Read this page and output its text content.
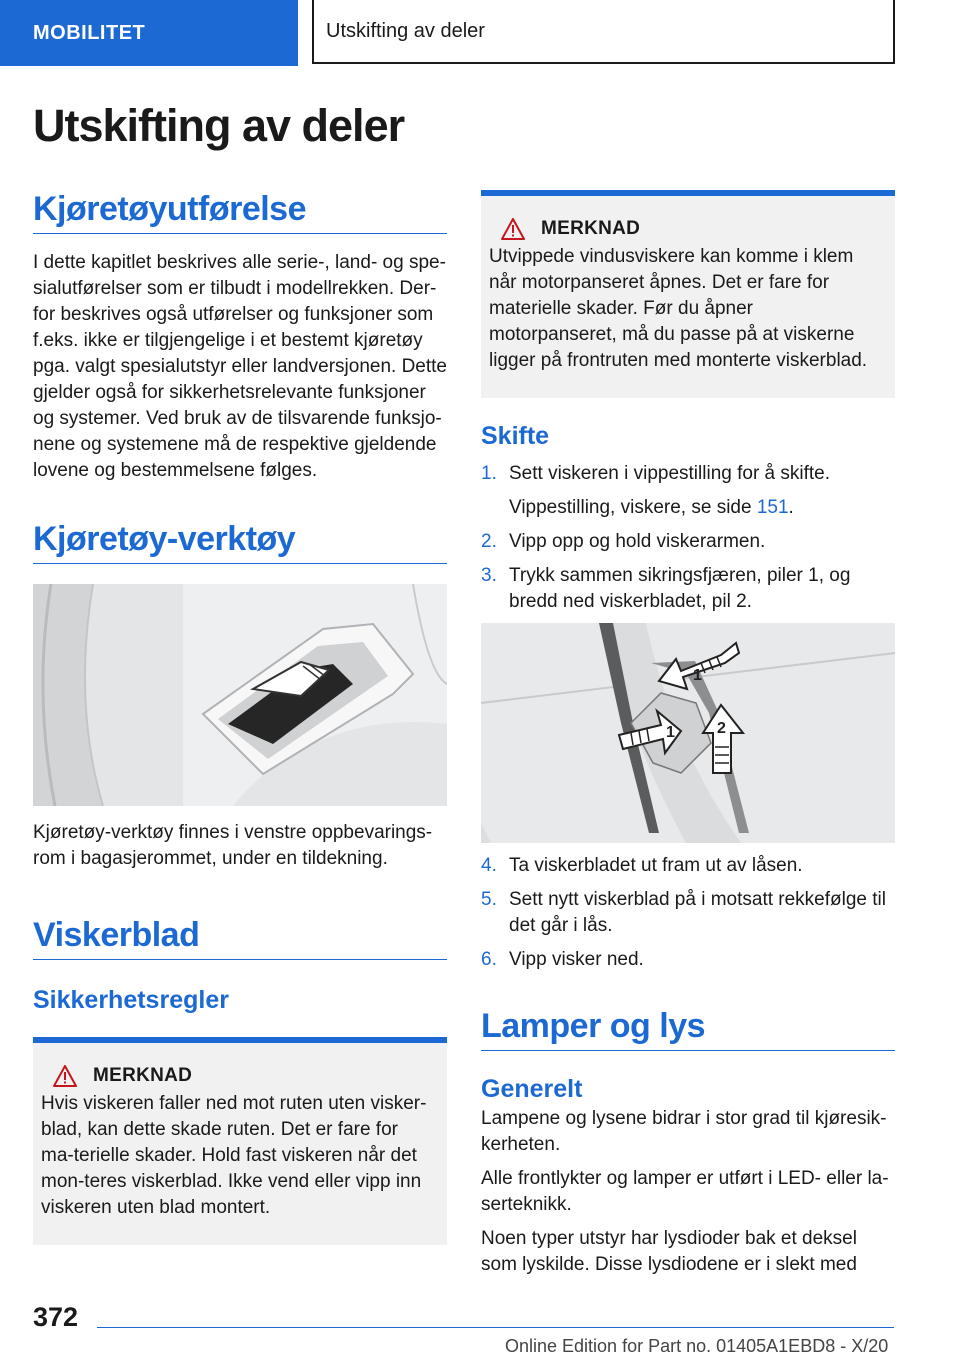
MOBILITET	Utskifting av deler
Utskifting av deler
Kjøretøyutførelse

I dette kapitlet beskrives alle serie-, land- og spe-sialutførelser som er tilbudt i modellrekken. Der-for beskrives også utførelser og funksjoner som f.eks. ikke er tilgjengelige i et bestemt kjøretøy pga. valgt spesialutstyr eller landversjonen. Dette gjelder også for sikkerhetsrelevante funksjoner og systemer. Ved bruk av de tilsvarende funksjo-nene og systemene må de respektive gjeldende lovene og bestemmelsene følges.

Kjøretøy-verktøy

Kjøretøy-verktøy finnes i venstre oppbevarings-rom i bagasjerommet, under en tildekning.

Viskerblad
Sikkerhetsregler
MERKNAD

Hvis viskeren faller ned mot ruten uten visker-blad, kan dette skade ruten. Det er fare for ma-terielle skader. Hold fast viskeren når det mon-teres viskerblad. Ikke vend eller vipp inn viskeren uten blad montert.

MERKNAD

Utvippede vindusviskere kan komme i klem når motorpanseret åpnes. Det er fare for materielle skader. Før du åpner motorpanseret, må du passe på at viskerne ligger på frontruten med monterte viskerblad.

Skifte
1. Sett viskeren i vippestilling for å skifte.
Vippestilling, viskere, se side 151.
2. Vipp opp og hold viskerarmen.
3. Trykk sammen sikringsfjæren, piler 1, og bredd ned viskerbladet, pil 2.
1
1
2
4. Ta viskerbladet ut fram ut av låsen.
5. Sett nytt viskerblad på i motsatt rekkefølge til det går i lås.
6. Vipp visker ned.
Lamper og lys
Generelt

Lampene og lysene bidrar i stor grad til kjøresik-kerheten.

Alle frontlykter og lamper er utført i LED- eller la-serteknikk.

Noen typer utstyr har lysdioder bak et deksel som lyskilde. Disse lysdiodene er i slekt med

372
Online Edition for Part no. 01405A1EBD8 - X/20
